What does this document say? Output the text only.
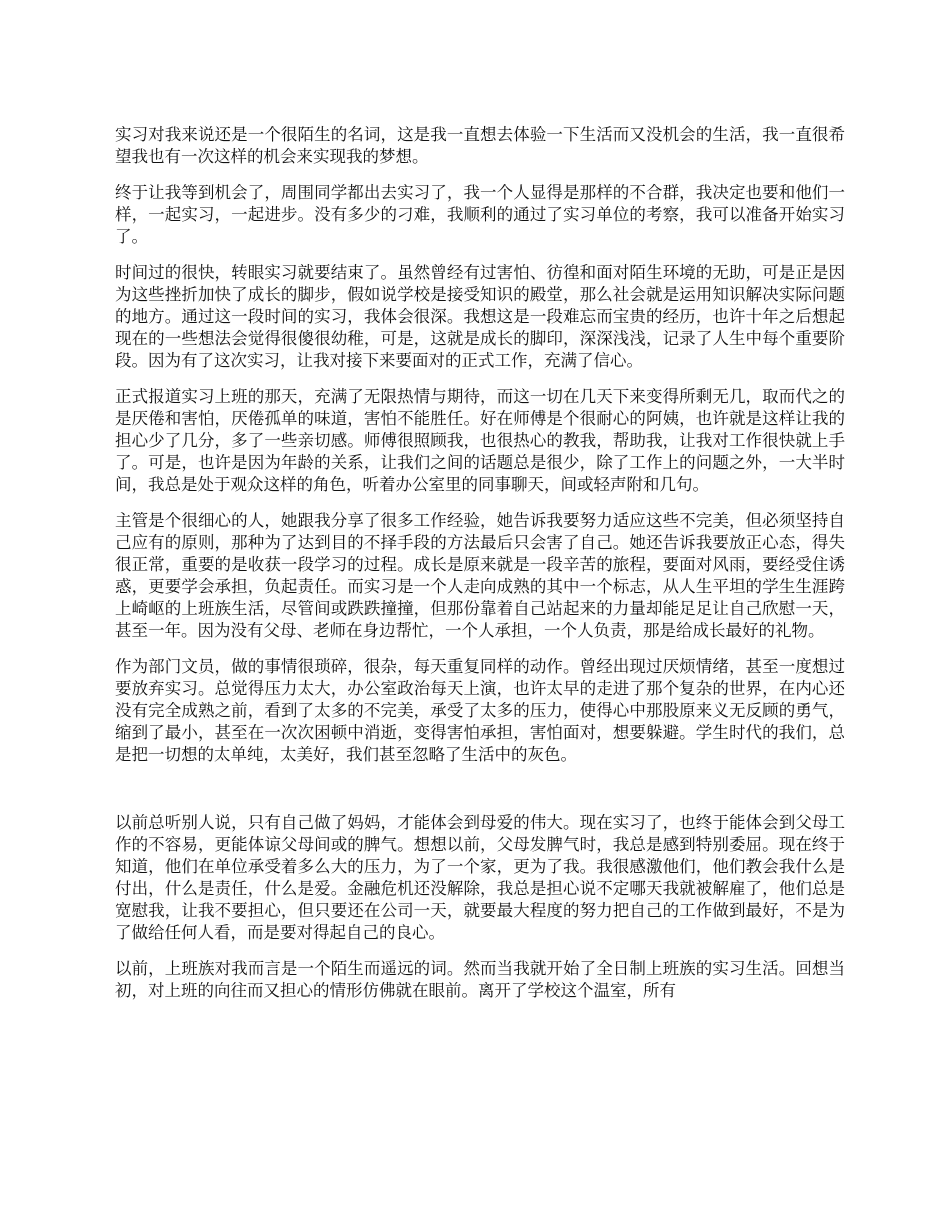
实习对我来说还是一个很陌生的名词，这是我一直想去体验一下生活而又没机会的生活，我一直很希望我也有一次这样的机会来实现我的梦想。

终于让我等到机会了，周围同学都出去实习了，我一个人显得是那样的不合群，我决定也要和他们一样，一起实习，一起进步。没有多少的刁难，我顺利的通过了实习单位的考察，我可以准备开始实习了。

时间过的很快，转眼实习就要结束了。虽然曾经有过害怕、彷徨和面对陌生环境的无助，可是正是因为这些挫折加快了成长的脚步，假如说学校是接受知识的殿堂，那么社会就是运用知识解决实际问题的地方。通过这一段时间的实习，我体会很深。我想这是一段难忘而宝贵的经历，也许十年之后想起现在的一些想法会觉得很傻很幼稚，可是，这就是成长的脚印，深深浅浅，记录了人生中每个重要阶段。因为有了这次实习，让我对接下来要面对的正式工作，充满了信心。

正式报道实习上班的那天，充满了无限热情与期待，而这一切在几天下来变得所剩无几，取而代之的是厌倦和害怕，厌倦孤单的味道，害怕不能胜任。好在师傅是个很耐心的阿姨，也许就是这样让我的担心少了几分，多了一些亲切感。师傅很照顾我，也很热心的教我，帮助我，让我对工作很快就上手了。可是，也许是因为年龄的关系，让我们之间的话题总是很少，除了工作上的问题之外，一大半时间，我总是处于观众这样的角色，听着办公室里的同事聊天，间或轻声附和几句。

主管是个很细心的人，她跟我分享了很多工作经验，她告诉我要努力适应这些不完美，但必须坚持自己应有的原则，那种为了达到目的不择手段的方法最后只会害了自己。她还告诉我要放正心态，得失很正常，重要的是收获一段学习的过程。成长是原来就是一段辛苦的旅程，要面对风雨，要经受住诱惑，更要学会承担，负起责任。而实习是一个人走向成熟的其中一个标志，从人生平坦的学生生涯跨上崎岖的上班族生活，尽管间或跌跌撞撞，但那份靠着自己站起来的力量却能足足让自己欣慰一天，甚至一年。因为没有父母、老师在身边帮忙，一个人承担，一个人负责，那是给成长最好的礼物。

作为部门文员，做的事情很琐碎，很杂，每天重复同样的动作。曾经出现过厌烦情绪，甚至一度想过要放弃实习。总觉得压力太大，办公室政治每天上演，也许太早的走进了那个复杂的世界，在内心还没有完全成熟之前，看到了太多的不完美，承受了太多的压力，使得心中那股原来义无反顾的勇气，缩到了最小，甚至在一次次困顿中消逝，变得害怕承担，害怕面对，想要躲避。学生时代的我们，总是把一切想的太单纯，太美好，我们甚至忽略了生活中的灰色。

以前总听别人说，只有自己做了妈妈，才能体会到母爱的伟大。现在实习了，也终于能体会到父母工作的不容易，更能体谅父母间或的脾气。想想以前，父母发脾气时，我总是感到特别委屈。现在终于知道，他们在单位承受着多么大的压力，为了一个家，更为了我。我很感激他们，他们教会我什么是付出，什么是责任，什么是爱。金融危机还没解除，我总是担心说不定哪天我就被解雇了，他们总是宽慰我，让我不要担心，但只要还在公司一天，就要最大程度的努力把自己的工作做到最好，不是为了做给任何人看，而是要对得起自己的良心。

以前，上班族对我而言是一个陌生而遥远的词。然而当我就开始了全日制上班族的实习生活。回想当初，对上班的向往而又担心的情形仿佛就在眼前。离开了学校这个温室，所有
